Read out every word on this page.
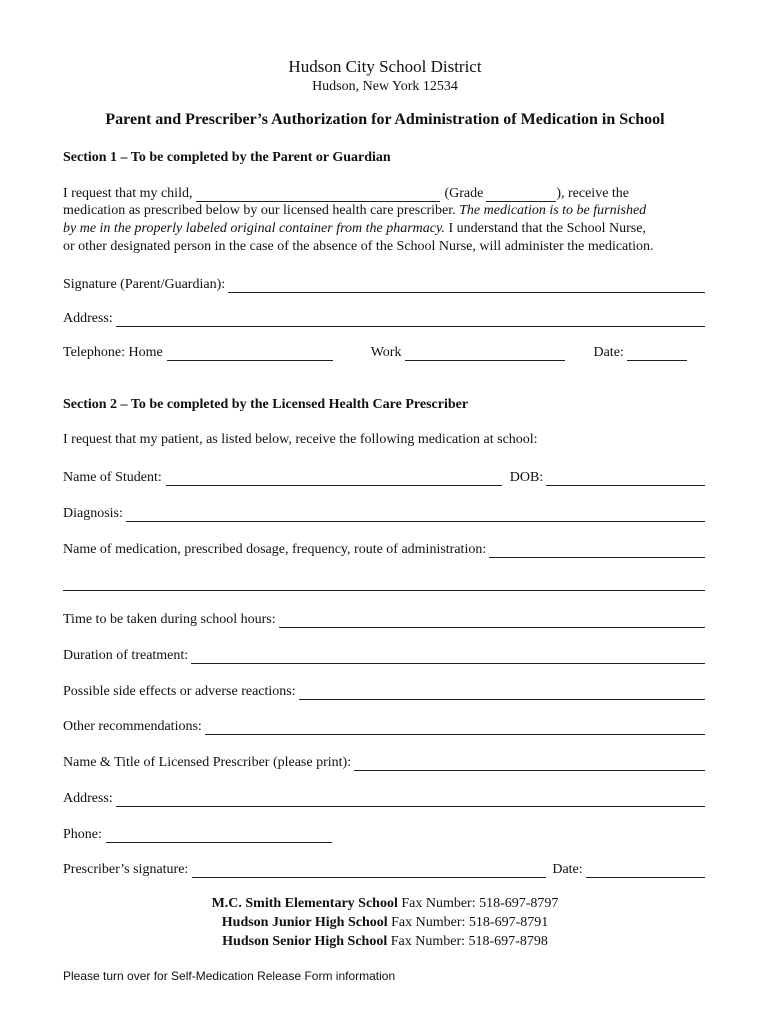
Hudson City School District
Hudson, New York 12534
Parent and Prescriber’s Authorization for Administration of Medication in School
Section 1 – To be completed by the Parent or Guardian
I request that my child,	(Grade	), receive the
medication as prescribed below by our licensed health care prescriber. The medication is to be furnished
by me in the properly labeled original container from the pharmacy. I understand that the School Nurse,
or other designated person in the case of the absence of the School Nurse, will administer the medication.
Signature (Parent/Guardian):
Address:
Telephone: Home	Work	Date:
Section 2 – To be completed by the Licensed Health Care Prescriber
I request that my patient, as listed below, receive the following medication at school:
Name of Student:	DOB:
Diagnosis:
Name of medication, prescribed dosage, frequency, route of administration:
Time to be taken during school hours:
Duration of treatment:
Possible side effects or adverse reactions:
Other recommendations:
Name & Title of Licensed Prescriber (please print):
Address:
Phone:
Prescriber’s signature:	Date:
M.C. Smith Elementary School Fax Number: 518-697-8797
Hudson Junior High School Fax Number: 518-697-8791
Hudson Senior High School Fax Number: 518-697-8798
Please turn over for Self-Medication Release Form information
